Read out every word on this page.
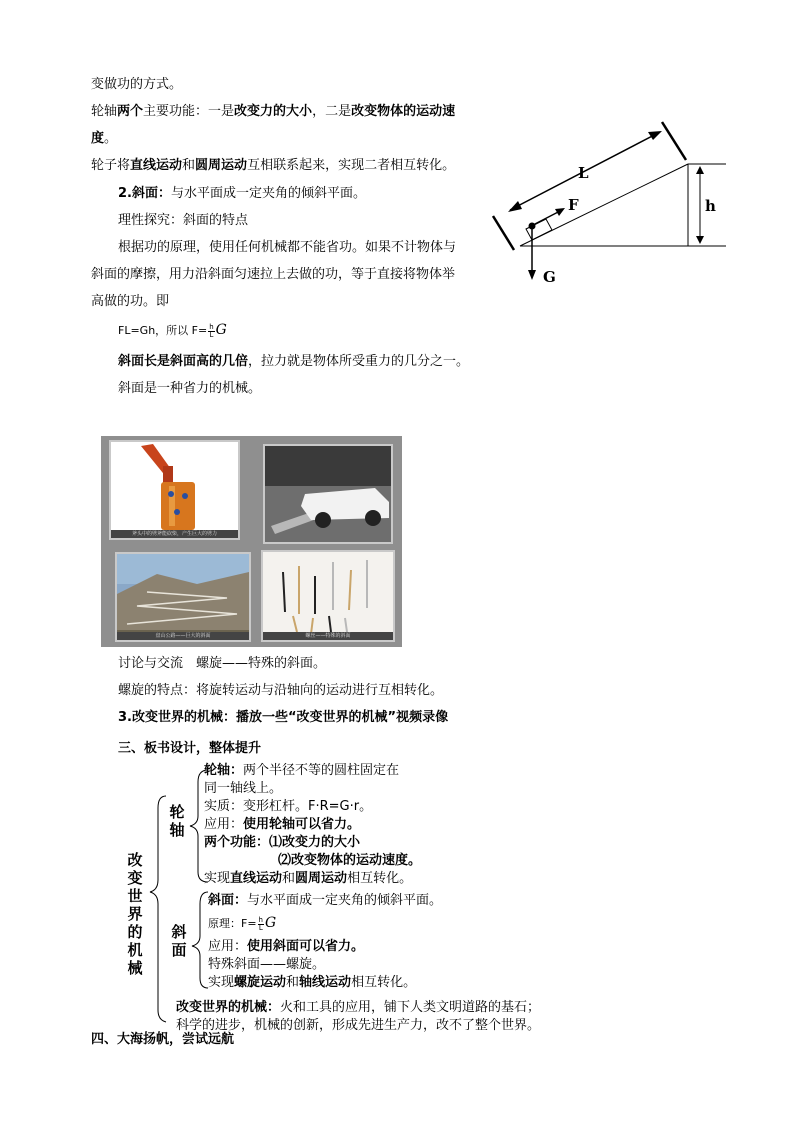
变做功的方式。
轮轴两个主要功能：一是改变力的大小，二是改变物体的运动速
度。
轮子将直线运动和圆周运动互相联系起来，实现二者相互转化。
2.斜面：与水平面成一定夹角的倾斜平面。
理性探究：斜面的特点
根据功的原理，使用任何机械都不能省功。如果不计物体与
斜面的摩擦，用力沿斜面匀速拉上去做的功，等于直接将物体举
高做的功。即
FL=Gh，所以 $F= \frac{h}{L}$ G
斜面长是斜面高的几倍，拉力就是物体所受重力的几分之一。
斜面是一种省力的机械。
L
F	h
G
斧头中的劈斧能砍柴，产生巨大的劈力
盘山公路——巨大的斜面	螺丝——特殊的斜面
讨论与交流　螺旋——特殊的斜面。
螺旋的特点：将旋转运动与沿轴向的运动进行互相转化。
3.改变世界的机械：播放一些“改变世界的机械”视频录像
三、板书设计，整体提升
改
变
世
界
的
机
械
轮
轴
斜
面
轮轴：两个半径不等的圆柱固定在
同一轴线上。
实质：变形杠杆。F·R=G·r。
应用：使用轮轴可以省力。
两个功能：⑴改变力的大小
⑵改变物体的运动速度。
实现直线运动和圆周运动相互转化。
斜面：与水平面成一定夹角的倾斜平面。
原理：$F= \frac{h}{L}$ G
应用：使用斜面可以省力。
特殊斜面——螺旋。
实现螺旋运动和轴线运动相互转化。
改变世界的机械：火和工具的应用，铺下人类文明道路的基石；
科学的进步，机械的创新，形成先进生产力，改不了整个世界。
四、大海扬帆，尝试远航
